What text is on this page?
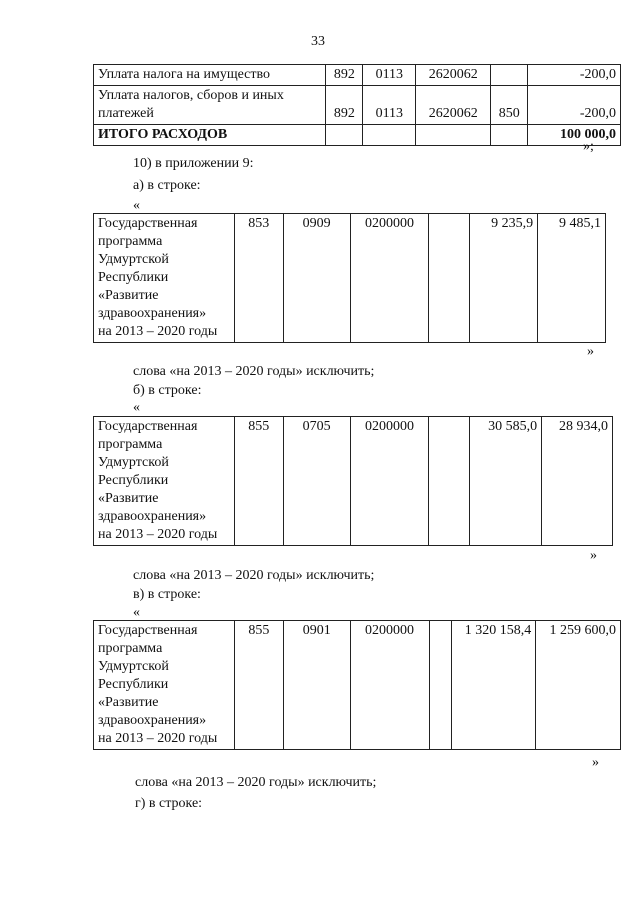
33
Уплата налога на имущество	892	0113	2620062		-200,0
Уплата налогов, сборов и иных
платежей	892	0113	2620062	850	-200,0
ИТОГО РАСХОДОВ					100 000,0
»;
10) в приложении 9:
а) в строке:
«
Государственная
программа
Удмуртской
Республики
«Развитие
здравоохранения»
на 2013 – 2020 годы	853	0909	0200000		9 235,9	9 485,1
»
слова «на 2013 – 2020 годы» исключить;
б) в строке:
«
Государственная
программа
Удмуртской
Республики
«Развитие
здравоохранения»
на 2013 – 2020 годы	855	0705	0200000		30 585,0	28 934,0
»
слова «на 2013 – 2020 годы» исключить;
в) в строке:
«
Государственная
программа
Удмуртской
Республики
«Развитие
здравоохранения»
на 2013 – 2020 годы	855	0901	0200000		1 320 158,4	1 259 600,0
»
слова «на 2013 – 2020 годы» исключить;
г) в строке:
